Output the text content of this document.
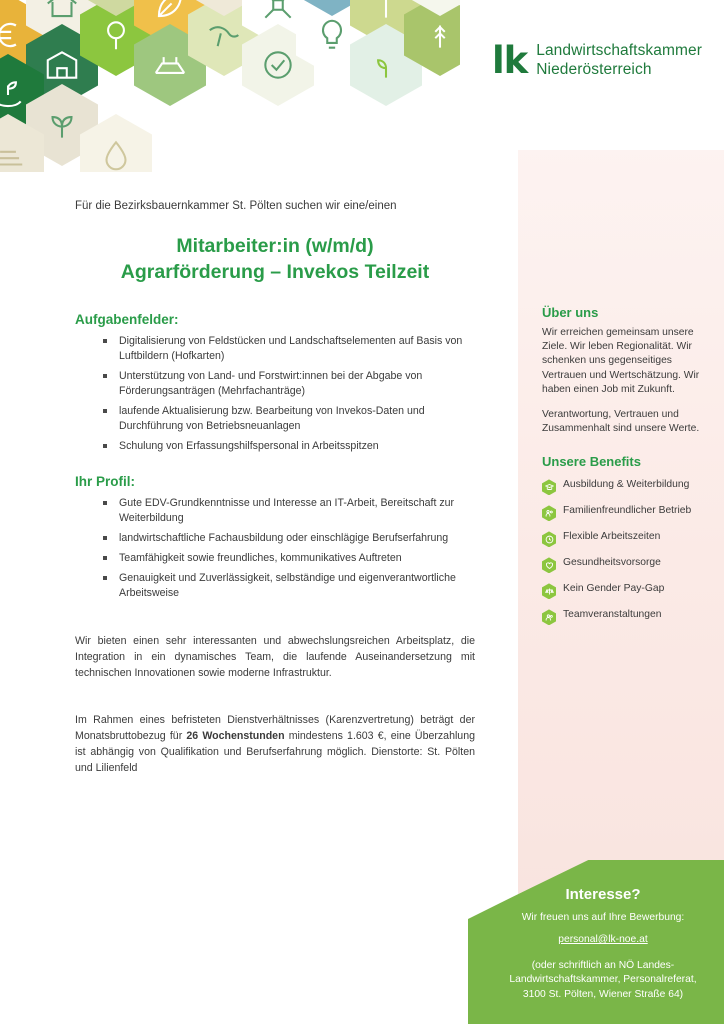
lk Landwirtschaftskammer
Niederösterreich
Für die Bezirksbauernkammer St. Pölten suchen wir eine/einen
Mitarbeiter:in (w/m/d)
Agrarförderung – Invekos Teilzeit
Aufgabenfelder:
Digitalisierung von Feldstücken und Landschaftselementen auf Basis von Luftbildern (Hofkarten)
Unterstützung von Land- und Forstwirt:innen bei der Abgabe von Förderungsanträgen (Mehrfachanträge)
laufende Aktualisierung bzw. Bearbeitung von Invekos-Daten und Durchführung von Betriebsneuanlagen
Schulung von Erfassungshilfspersonal in Arbeitsspitzen
Ihr Profil:
Gute EDV-Grundkenntnisse und Interesse an IT-Arbeit, Bereitschaft zur Weiterbildung
landwirtschaftliche Fachausbildung oder einschlägige Berufserfahrung
Teamfähigkeit sowie freundliches, kommunikatives Auftreten
Genauigkeit und Zuverlässigkeit, selbständige und eigenverantwortliche Arbeitsweise
Wir bieten einen sehr interessanten und abwechslungsreichen Arbeitsplatz, die Integration in ein dynamisches Team, die laufende Auseinandersetzung mit technischen Innovationen sowie moderne Infrastruktur.
Im Rahmen eines befristeten Dienstverhältnisses (Karenzvertretung) beträgt der Monatsbruttobezug für 26 Wochenstunden mindestens 1.603 €, eine Überzahlung ist abhängig von Qualifikation und Berufserfahrung möglich. Dienstorte: St. Pölten und Lilienfeld
Über uns
Wir erreichen gemeinsam unsere Ziele. Wir leben Regionalität. Wir schenken uns gegenseitiges Vertrauen und Wertschätzung. Wir haben einen Job mit Zukunft.
Verantwortung, Vertrauen und Zusammenhalt sind unsere Werte.
Unsere Benefits
Ausbildung & Weiterbildung
Familienfreundlicher Betrieb
Flexible Arbeitszeiten
Gesundheitsvorsorge
Kein Gender Pay-Gap
Teamveranstaltungen
Interesse?

Wir freuen uns auf Ihre Bewerbung:

personal@lk-noe.at

(oder schriftlich an NÖ Landes-Landwirtschaftskammer, Personalreferat, 3100 St. Pölten, Wiener Straße 64)
